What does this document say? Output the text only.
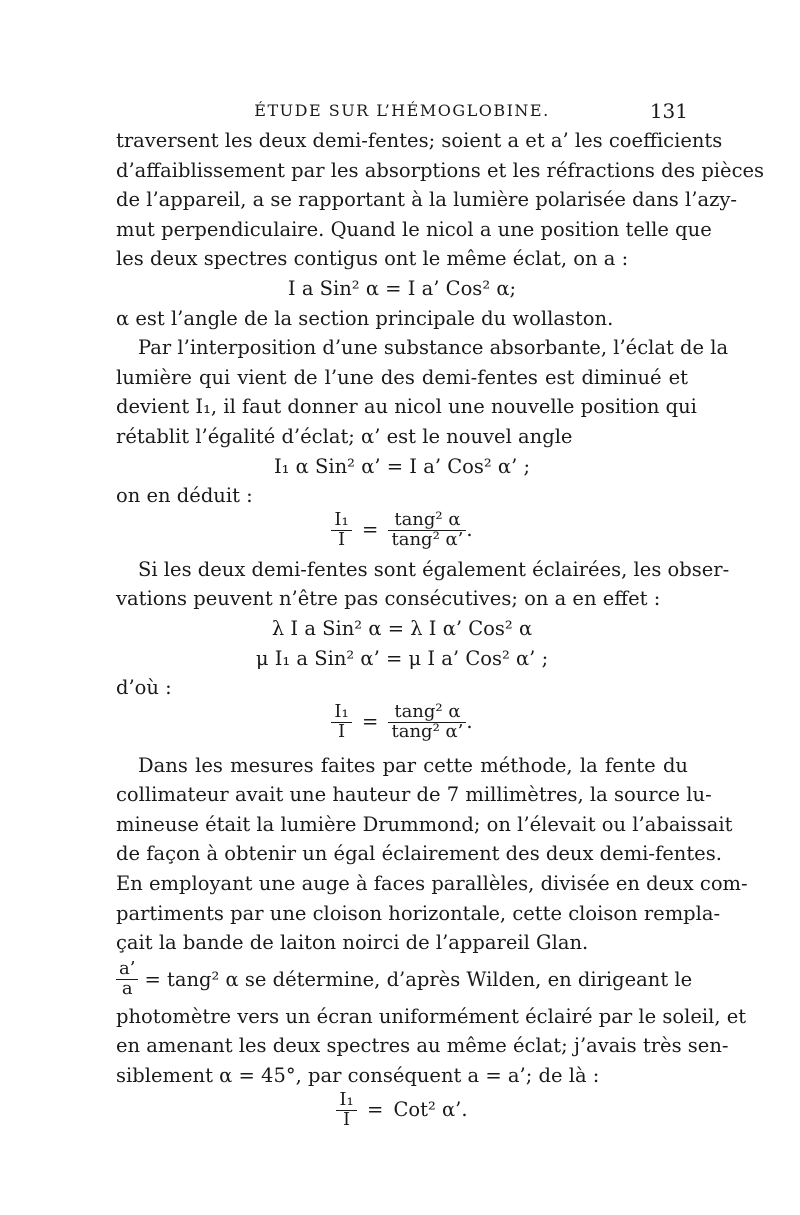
ÉTUDE SUR L’HÉMOGLOBINE.	131
traversent les deux demi-fentes; soient a et a’ les coefficients
d’affaiblissement par les absorptions et les réfractions des pièces
de l’appareil, a se rapportant à la lumière polarisée dans l’azy-
mut perpendiculaire. Quand le nicol a une position telle que
les deux spectres contigus ont le même éclat, on a :
I a Sin² α = I a’ Cos² α;
α est l’angle de la section principale du wollaston.
Par l’interposition d’une substance absorbante, l’éclat de la
lumière qui vient de l’une des demi-fentes est diminué et
devient I₁, il faut donner au nicol une nouvelle position qui
rétablit l’égalité d’éclat; α’ est le nouvel angle
I₁ α Sin² α’ = I a’ Cos² α’ ;
on en déduit :
$\frac{\text{I₁}}{I} = \frac{\text{tang² α}}{\text{tang² α’}}$ .
Si les deux demi-fentes sont également éclairées, les obser-
vations peuvent n’être pas consécutives; on a en effet :
λ I a Sin² α = λ I α’ Cos² α
μ I₁ a Sin² α’ = μ I a’ Cos² α’ ;
d’où :
$\frac{\text{I₁}}{I} = \frac{\text{tang² α}}{\text{tang² α’}}$ .
Dans les mesures faites par cette méthode, la fente du
collimateur avait une hauteur de 7 millimètres, la source lu-
mineuse était la lumière Drummond; on l’élevait ou l’abaissait
de façon à obtenir un égal éclairement des deux demi-fentes.
En employant une auge à faces parallèles, divisée en deux com-
partiments par une cloison horizontale, cette cloison rempla-
çait la bande de laiton noirci de l’appareil Glan.
$\frac{a’}{a} = \tan g^2$ α se détermine, d’après Wilden, en dirigeant le
photomètre vers un écran uniformément éclairé par le soleil, et
en amenant les deux spectres au même éclat; j’avais très sen-
siblement α = 45°, par conséquent a = a’; de là :
$\frac{\text{I₁}}{I} = Cot^2$ α’.
